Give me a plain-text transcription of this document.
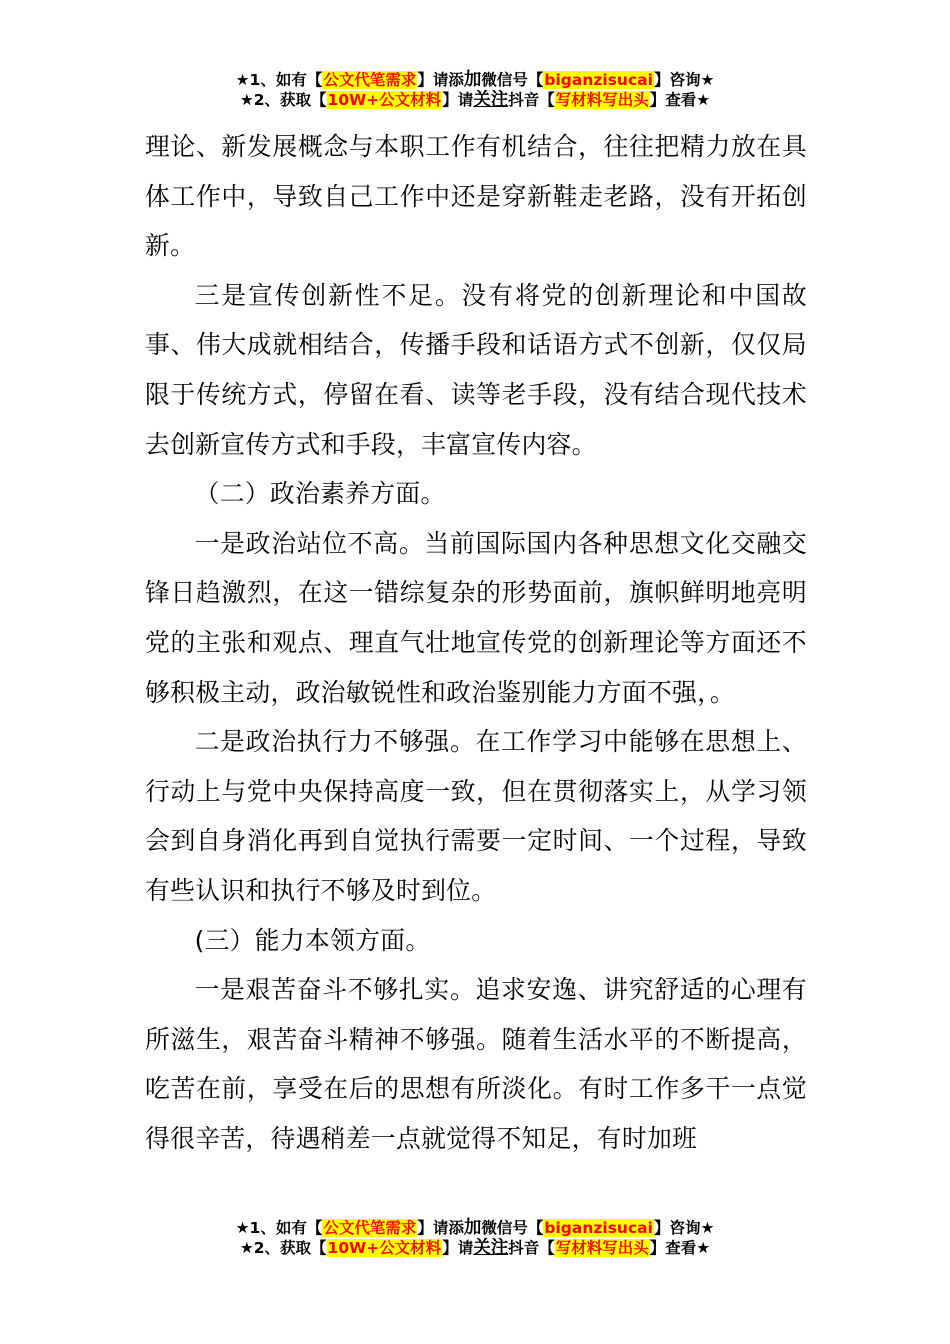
★1、如有【公文代笔需求】请添加微信号【biganzisucai】咨询★
★2、获取【10W+公文材料】请关注抖音【写材料写出头】查看★

理论、新发展概念与本职工作有机结合，往往把精力放在具体工作中，导致自己工作中还是穿新鞋走老路，没有开拓创新。

三是宣传创新性不足。没有将党的创新理论和中国故事、伟大成就相结合，传播手段和话语方式不创新，仅仅局限于传统方式，停留在看、读等老手段，没有结合现代技术去创新宣传方式和手段，丰富宣传内容。

（二）政治素养方面。

一是政治站位不高。当前国际国内各种思想文化交融交锋日趋激烈，在这一错综复杂的形势面前，旗帜鲜明地亮明党的主张和观点、理直气壮地宣传党的创新理论等方面还不够积极主动，政治敏锐性和政治鉴别能力方面不强，。

二是政治执行力不够强。在工作学习中能够在思想上、行动上与党中央保持高度一致，但在贯彻落实上，从学习领会到自身消化再到自觉执行需要一定时间、一个过程，导致有些认识和执行不够及时到位。

(三）能力本领方面。

一是艰苦奋斗不够扎实。追求安逸、讲究舒适的心理有所滋生，艰苦奋斗精神不够强。随着生活水平的不断提高，吃苦在前，享受在后的思想有所淡化。有时工作多干一点觉得很辛苦，待遇稍差一点就觉得不知足，有时加班

★1、如有【公文代笔需求】请添加微信号【biganzisucai】咨询★
★2、获取【10W+公文材料】请关注抖音【写材料写出头】查看★
